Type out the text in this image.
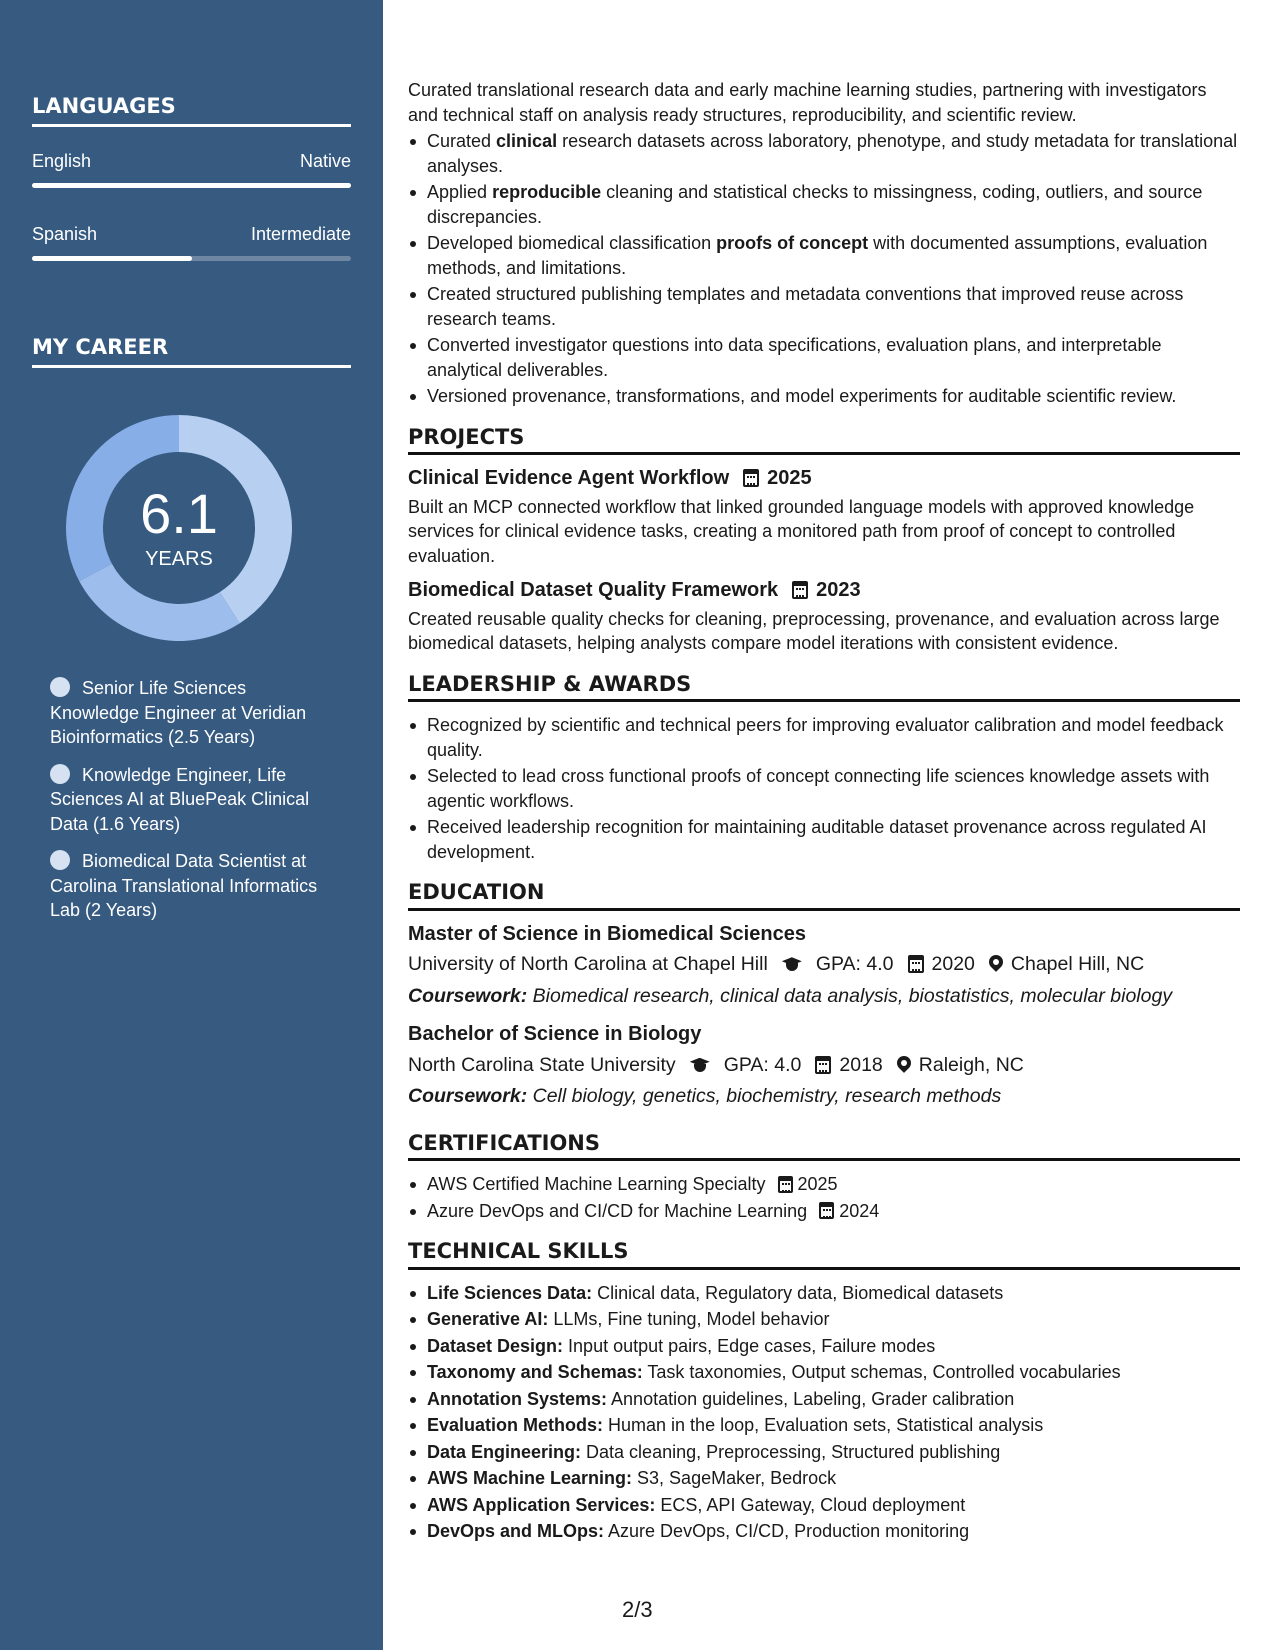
LANGUAGES
English	Native
Spanish	Intermediate
MY CAREER
6.1
YEARS
Senior Life Sciences Knowledge Engineer at Veridian Bioinformatics (2.5 Years)
Knowledge Engineer, Life Sciences AI at BluePeak Clinical Data (1.6 Years)
Biomedical Data Scientist at Carolina Translational Informatics Lab (2 Years)

Curated translational research data and early machine learning studies, partnering with investigators and technical staff on analysis ready structures, reproducibility, and scientific review.

Curated clinical research datasets across laboratory, phenotype, and study metadata for translational analyses.
Applied reproducible cleaning and statistical checks to missingness, coding, outliers, and source discrepancies.
Developed biomedical classification proofs of concept with documented assumptions, evaluation methods, and limitations.
Created structured publishing templates and metadata conventions that improved reuse across research teams.
Converted investigator questions into data specifications, evaluation plans, and interpretable analytical deliverables.
Versioned provenance, transformations, and model experiments for auditable scientific review.
PROJECTS
Clinical Evidence Agent Workflow 2025

Built an MCP connected workflow that linked grounded language models with approved knowledge services for clinical evidence tasks, creating a monitored path from proof of concept to controlled evaluation.

Biomedical Dataset Quality Framework 2023

Created reusable quality checks for cleaning, preprocessing, provenance, and evaluation across large biomedical datasets, helping analysts compare model iterations with consistent evidence.

LEADERSHIP & AWARDS
Recognized by scientific and technical peers for improving evaluator calibration and model feedback quality.
Selected to lead cross functional proofs of concept connecting life sciences knowledge assets with agentic workflows.
Received leadership recognition for maintaining auditable dataset provenance across regulated AI development.
EDUCATION
Master of Science in Biomedical Sciences
University of North Carolina at Chapel Hill GPA: 4.0 2020 Chapel Hill, NC
Coursework: Biomedical research, clinical data analysis, biostatistics, molecular biology
Bachelor of Science in Biology
North Carolina State University GPA: 4.0 2018 Raleigh, NC
Coursework: Cell biology, genetics, biochemistry, research methods
CERTIFICATIONS
AWS Certified Machine Learning Specialty 2025
Azure DevOps and CI/CD for Machine Learning 2024
TECHNICAL SKILLS
Life Sciences Data: Clinical data, Regulatory data, Biomedical datasets
Generative AI: LLMs, Fine tuning, Model behavior
Dataset Design: Input output pairs, Edge cases, Failure modes
Taxonomy and Schemas: Task taxonomies, Output schemas, Controlled vocabularies
Annotation Systems: Annotation guidelines, Labeling, Grader calibration
Evaluation Methods: Human in the loop, Evaluation sets, Statistical analysis
Data Engineering: Data cleaning, Preprocessing, Structured publishing
AWS Machine Learning: S3, SageMaker, Bedrock
AWS Application Services: ECS, API Gateway, Cloud deployment
DevOps and MLOps: Azure DevOps, CI/CD, Production monitoring
2/3
